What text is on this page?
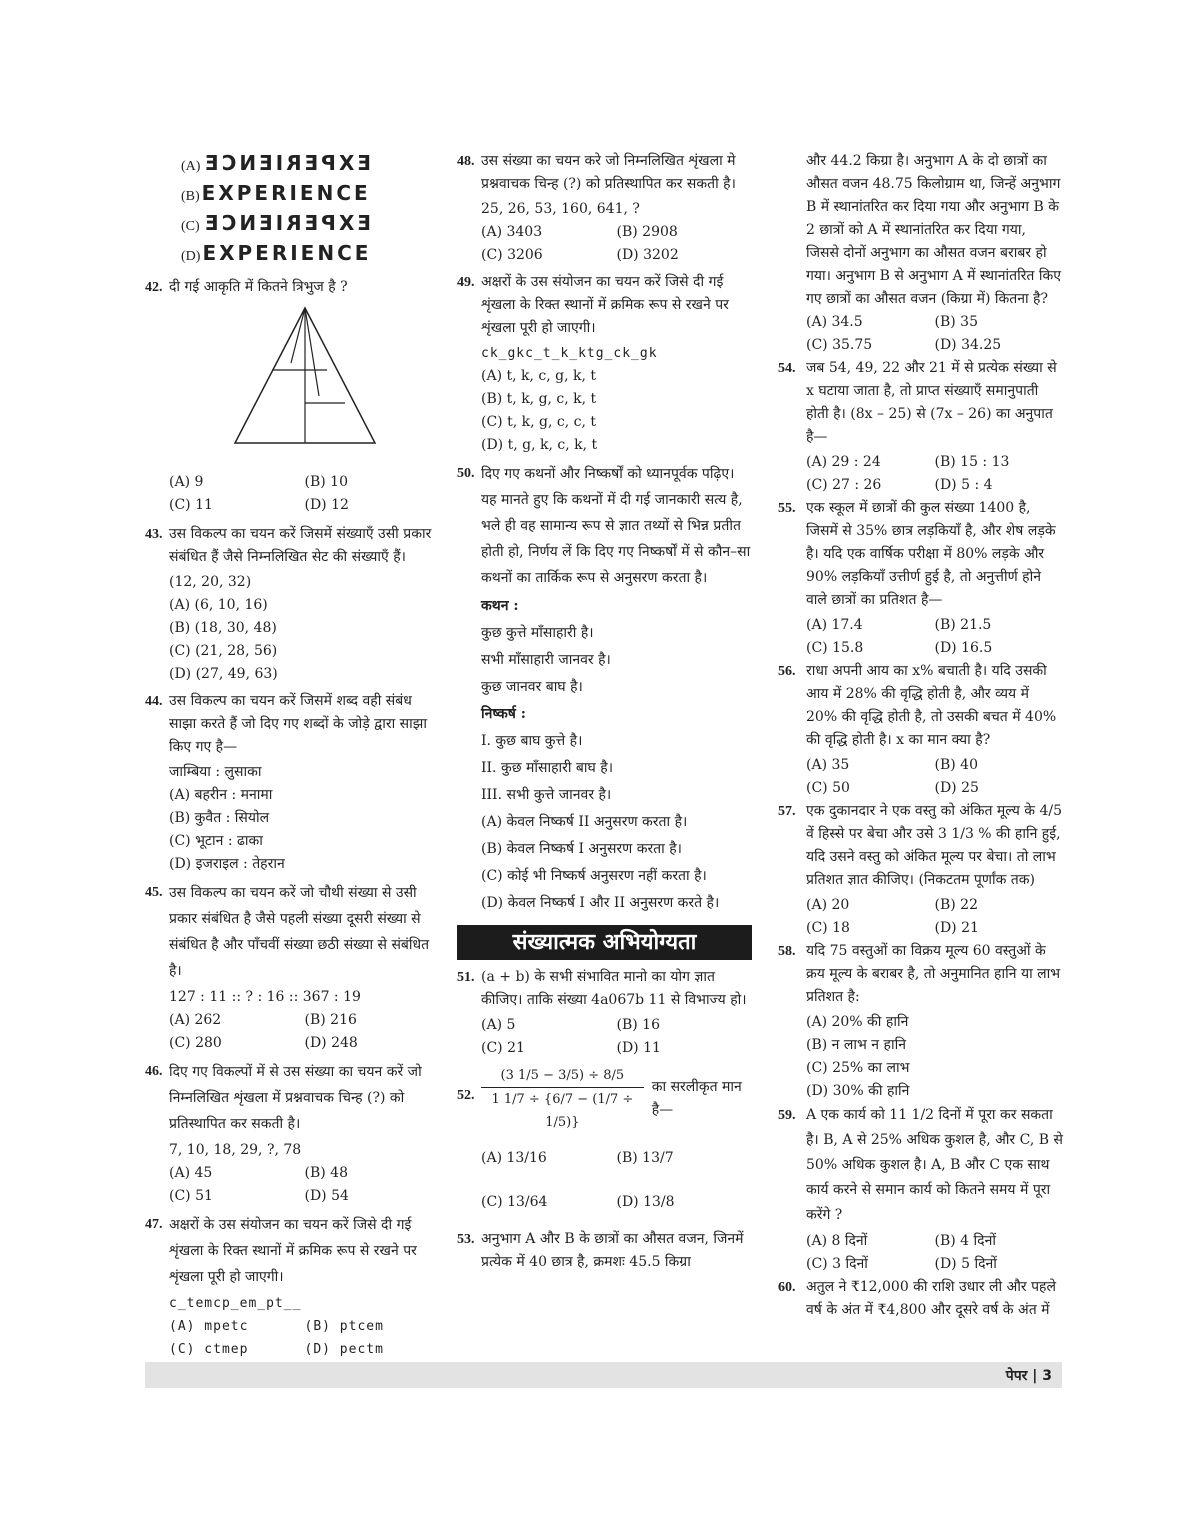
(A) EXPERIENCE
(B) EXPERIENCE
(C) EXPERIENCE
(D) EXPERIENCE
42. दी गई आकृति में कितने त्रिभुज है ?
(A) 9	(B) 10
(C) 11	(D) 12
43. उस विकल्प का चयन करें जिसमें संख्याएँ उसी प्रकार संबंधित हैं जैसे निम्नलिखित सेट की संख्याएँ हैं।
(12, 20, 32)
(A) (6, 10, 16)
(B) (18, 30, 48)
(C) (21, 28, 56)
(D) (27, 49, 63)
44. उस विकल्प का चयन करें जिसमें शब्द वही संबंध साझा करते हैं जो दिए गए शब्दों के जोड़े द्वारा साझा किए गए है—
जाम्बिया : लुसाका
(A) बहरीन : मनामा
(B) कुवैत : सियोल
(C) भूटान : ढाका
(D) इजराइल : तेहरान
45. उस विकल्प का चयन करें जो चौथी संख्या से उसी प्रकार संबंधित है जैसे पहली संख्या दूसरी संख्या से संबंधित है और पाँचवीं संख्या छठी संख्या से संबंधित है।
127 : 11 :: ? : 16 :: 367 : 19
(A) 262	(B) 216
(C) 280	(D) 248
46. दिए गए विकल्पों में से उस संख्या का चयन करें जो निम्नलिखित शृंखला में प्रश्नवाचक चिन्ह (?) को प्रतिस्थापित कर सकती है।
7, 10, 18, 29, ?, 78
(A) 45	(B) 48
(C) 51	(D) 54
47. अक्षरों के उस संयोजन का चयन करें जिसे दी गई शृंखला के रिक्त स्थानों में क्रमिक रूप से रखने पर शृंखला पूरी हो जाएगी।
c_temcp_em_pt__
(A) mpetc	(B) ptcem
(C) ctmep	(D) pectm
48. उस संख्या का चयन करे जो निम्नलिखित शृंखला मे प्रश्नवाचक चिन्ह (?) को प्रतिस्थापित कर सकती है।
25, 26, 53, 160, 641, ?
(A) 3403	(B) 2908
(C) 3206	(D) 3202
49. अक्षरों के उस संयोजन का चयन करें जिसे दी गई शृंखला के रिक्त स्थानों में क्रमिक रूप से रखने पर शृंखला पूरी हो जाएगी।
ck_gkc_t_k_ktg_ck_gk
(A) t, k, c, g, k, t
(B) t, k, g, c, k, t
(C) t, k, g, c, c, t
(D) t, g, k, c, k, t
50. दिए गए कथनों और निष्कर्षों को ध्यानपूर्वक पढ़िए। यह मानते हुए कि कथनों में दी गई जानकारी सत्य है, भले ही वह सामान्य रूप से ज्ञात तथ्यों से भिन्न प्रतीत होती हो, निर्णय लें कि दिए गए निष्कर्षों में से कौन–सा कथनों का तार्किक रूप से अनुसरण करता है।
कथन :
कुछ कुत्ते माँसाहारी है।
सभी माँसाहारी जानवर है।
कुछ जानवर बाघ है।
निष्कर्ष :
I. कुछ बाघ कुत्ते है।
II. कुछ माँसाहारी बाघ है।
III. सभी कुत्ते जानवर है।
(A) केवल निष्कर्ष II अनुसरण करता है।
(B) केवल निष्कर्ष I अनुसरण करता है।
(C) कोई भी निष्कर्ष अनुसरण नहीं करता है।
(D) केवल निष्कर्ष I और II अनुसरण करते है।
संख्यात्मक अभियोग्यता
51. (a + b) के सभी संभावित मानो का योग ज्ञात कीजिए। ताकि संख्या 4a067b 11 से विभाज्य हो।
(A) 5	(B) 16
(C) 21	(D) 11
52. $\frac{(3 1/5 - 3/5) \div 8/5}{1 1/7 \div \{6/7 - (1/7 \div 1/5)\}}$ का सरलीकृत मान है—
(A) 13/16	(B) 13/7
(C) 13/64	(D) 13/8
53. अनुभाग A और B के छात्रों का औसत वजन, जिनमें प्रत्येक में 40 छात्र है, क्रमशः 45.5 किग्रा
और 44.2 किग्रा है। अनुभाग A के दो छात्रों का औसत वजन 48.75 किलोग्राम था, जिन्हें अनुभाग B में स्थानांतरित कर दिया गया और अनुभाग B के 2 छात्रों को A में स्थानांतरित कर दिया गया, जिससे दोनों अनुभाग का औसत वजन बराबर हो गया। अनुभाग B से अनुभाग A में स्थानांतरित किए गए छात्रों का औसत वजन (किग्रा में) कितना है?
(A) 34.5	(B) 35
(C) 35.75	(D) 34.25
54. जब 54, 49, 22 और 21 में से प्रत्येक संख्या से x घटाया जाता है, तो प्राप्त संख्याएँ समानुपाती होती है। (8x – 25) से (7x – 26) का अनुपात है—
(A) 29 : 24	(B) 15 : 13
(C) 27 : 26	(D) 5 : 4
55. एक स्कूल में छात्रों की कुल संख्या 1400 है, जिसमें से 35% छात्र लड़कियाँ है, और शेष लड़के है। यदि एक वार्षिक परीक्षा में 80% लड़के और 90% लड़कियाँ उत्तीर्ण हुई है, तो अनुत्तीर्ण होने वाले छात्रों का प्रतिशत है—
(A) 17.4	(B) 21.5
(C) 15.8	(D) 16.5
56. राधा अपनी आय का x% बचाती है। यदि उसकी आय में 28% की वृद्धि होती है, और व्यय में 20% की वृद्धि होती है, तो उसकी बचत में 40% की वृद्धि होती है। x का मान क्या है?
(A) 35	(B) 40
(C) 50	(D) 25
57. एक दुकानदार ने एक वस्तु को अंकित मूल्य के 4/5 वें हिस्से पर बेचा और उसे 3 1/3 % की हानि हुई, यदि उसने वस्तु को अंकित मूल्य पर बेचा। तो लाभ प्रतिशत ज्ञात कीजिए। (निकटतम पूर्णांक तक)
(A) 20	(B) 22
(C) 18	(D) 21
58. यदि 75 वस्तुओं का विक्रय मूल्य 60 वस्तुओं के क्रय मूल्य के बराबर है, तो अनुमानित हानि या लाभ प्रतिशत है:
(A) 20% की हानि
(B) न लाभ न हानि
(C) 25% का लाभ
(D) 30% की हानि
59. A एक कार्य को 11 1/2 दिनों में पूरा कर सकता है। B, A से 25% अधिक कुशल है, और C, B से 50% अधिक कुशल है। A, B और C एक साथ कार्य करने से समान कार्य को कितने समय में पूरा करेंगे ?
(A) 8 दिनों	(B) 4 दिनों
(C) 3 दिनों	(D) 5 दिनों
60. अतुल ने ₹12,000 की राशि उधार ली और पहले वर्ष के अंत में ₹4,800 और दूसरे वर्ष के अंत में
पेपर | 3
